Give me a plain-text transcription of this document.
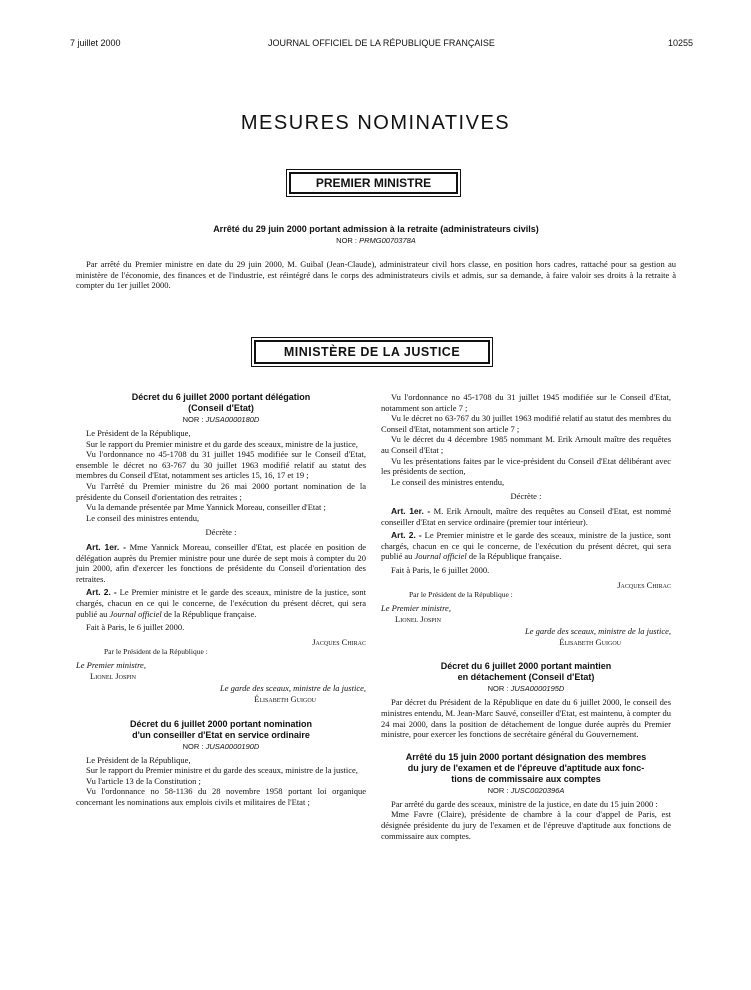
7 juillet 2000	JOURNAL OFFICIEL DE LA RÉPUBLIQUE FRANÇAISE	10255
MESURES NOMINATIVES
PREMIER MINISTRE
Arrêté du 29 juin 2000 portant admission à la retraite (administrateurs civils)
NOR : PRMG0070378A

Par arrêté du Premier ministre en date du 29 juin 2000, M. Guibal (Jean-Claude), administrateur civil hors classe, en position hors cadres, rattaché pour sa gestion au ministère de l'économie, des finances et de l'industrie, est réintégré dans le corps des administrateurs civils et admis, sur sa demande, à faire valoir ses droits à la retraite à compter du 1er juillet 2000.

MINISTÈRE DE LA JUSTICE
Décret du 6 juillet 2000 portant délégation
(Conseil d'Etat)
NOR : JUSA0000180D

Le Président de la République,

Sur le rapport du Premier ministre et du garde des sceaux, ministre de la justice,

Vu l'ordonnance no 45-1708 du 31 juillet 1945 modifiée sur le Conseil d'Etat, ensemble le décret no 63-767 du 30 juillet 1963 modifié relatif au statut des membres du Conseil d'Etat, notamment ses articles 15, 16, 17 et 19 ;

Vu l'arrêté du Premier ministre du 26 mai 2000 portant nomination de la présidente du Conseil d'orientation des retraites ;

Vu la demande présentée par Mme Yannick Moreau, conseiller d'Etat ;

Le conseil des ministres entendu,

Décrète :

Art. 1er. - Mme Yannick Moreau, conseiller d'Etat, est placée en position de délégation auprès du Premier ministre pour une durée de sept mois à compter du 20 juin 2000, afin d'exercer les fonctions de présidente du Conseil d'orientation des retraites.

Art. 2. - Le Premier ministre et le garde des sceaux, ministre de la justice, sont chargés, chacun en ce qui le concerne, de l'exécution du présent décret, qui sera publié au Journal officiel de la République française.

Fait à Paris, le 6 juillet 2000.

Jacques Chirac
Par le Président de la République :
Le Premier ministre,
Lionel Jospin
Le garde des sceaux, ministre de la justice,
Élisabeth Guigou
Décret du 6 juillet 2000 portant nomination
d'un conseiller d'Etat en service ordinaire
NOR : JUSA0000190D

Le Président de la République,

Sur le rapport du Premier ministre et du garde des sceaux, ministre de la justice,

Vu l'article 13 de la Constitution ;

Vu l'ordonnance no 58-1136 du 28 novembre 1958 portant loi organique concernant les nominations aux emplois civils et militaires de l'Etat ;

Vu l'ordonnance no 45-1708 du 31 juillet 1945 modifiée sur le Conseil d'Etat, notamment son article 7 ;

Vu le décret no 63-767 du 30 juillet 1963 modifié relatif au statut des membres du Conseil d'Etat, notamment son article 7 ;

Vu le décret du 4 décembre 1985 nommant M. Erik Arnoult maître des requêtes au Conseil d'Etat ;

Vu les présentations faites par le vice-président du Conseil d'Etat délibérant avec les présidents de section,

Le conseil des ministres entendu,

Décrète :

Art. 1er. - M. Erik Arnoult, maître des requêtes au Conseil d'Etat, est nommé conseiller d'Etat en service ordinaire (premier tour intérieur).

Art. 2. - Le Premier ministre et le garde des sceaux, ministre de la justice, sont chargés, chacun en ce qui le concerne, de l'exécution du présent décret, qui sera publié au Journal officiel de la République française.

Fait à Paris, le 6 juillet 2000.

Jacques Chirac
Par le Président de la République :
Le Premier ministre,
Lionel Jospin
Le garde des sceaux, ministre de la justice,
Élisabeth Guigou
Décret du 6 juillet 2000 portant maintien
en détachement (Conseil d'Etat)
NOR : JUSA0000195D

Par décret du Président de la République en date du 6 juillet 2000, le conseil des ministres entendu, M. Jean-Marc Sauvé, conseiller d'Etat, est maintenu, à compter du 24 mai 2000, dans la position de détachement de longue durée auprès du Premier ministre, pour exercer les fonctions de secrétaire général du Gouvernement.

Arrêté du 15 juin 2000 portant désignation des membres
du jury de l'examen et de l'épreuve d'aptitude aux fonc-
tions de commissaire aux comptes
NOR : JUSC0020396A

Par arrêté du garde des sceaux, ministre de la justice, en date du 15 juin 2000 :

Mme Favre (Claire), présidente de chambre à la cour d'appel de Paris, est désignée présidente du jury de l'examen et de l'épreuve d'aptitude aux fonctions de commissaire aux comptes.
